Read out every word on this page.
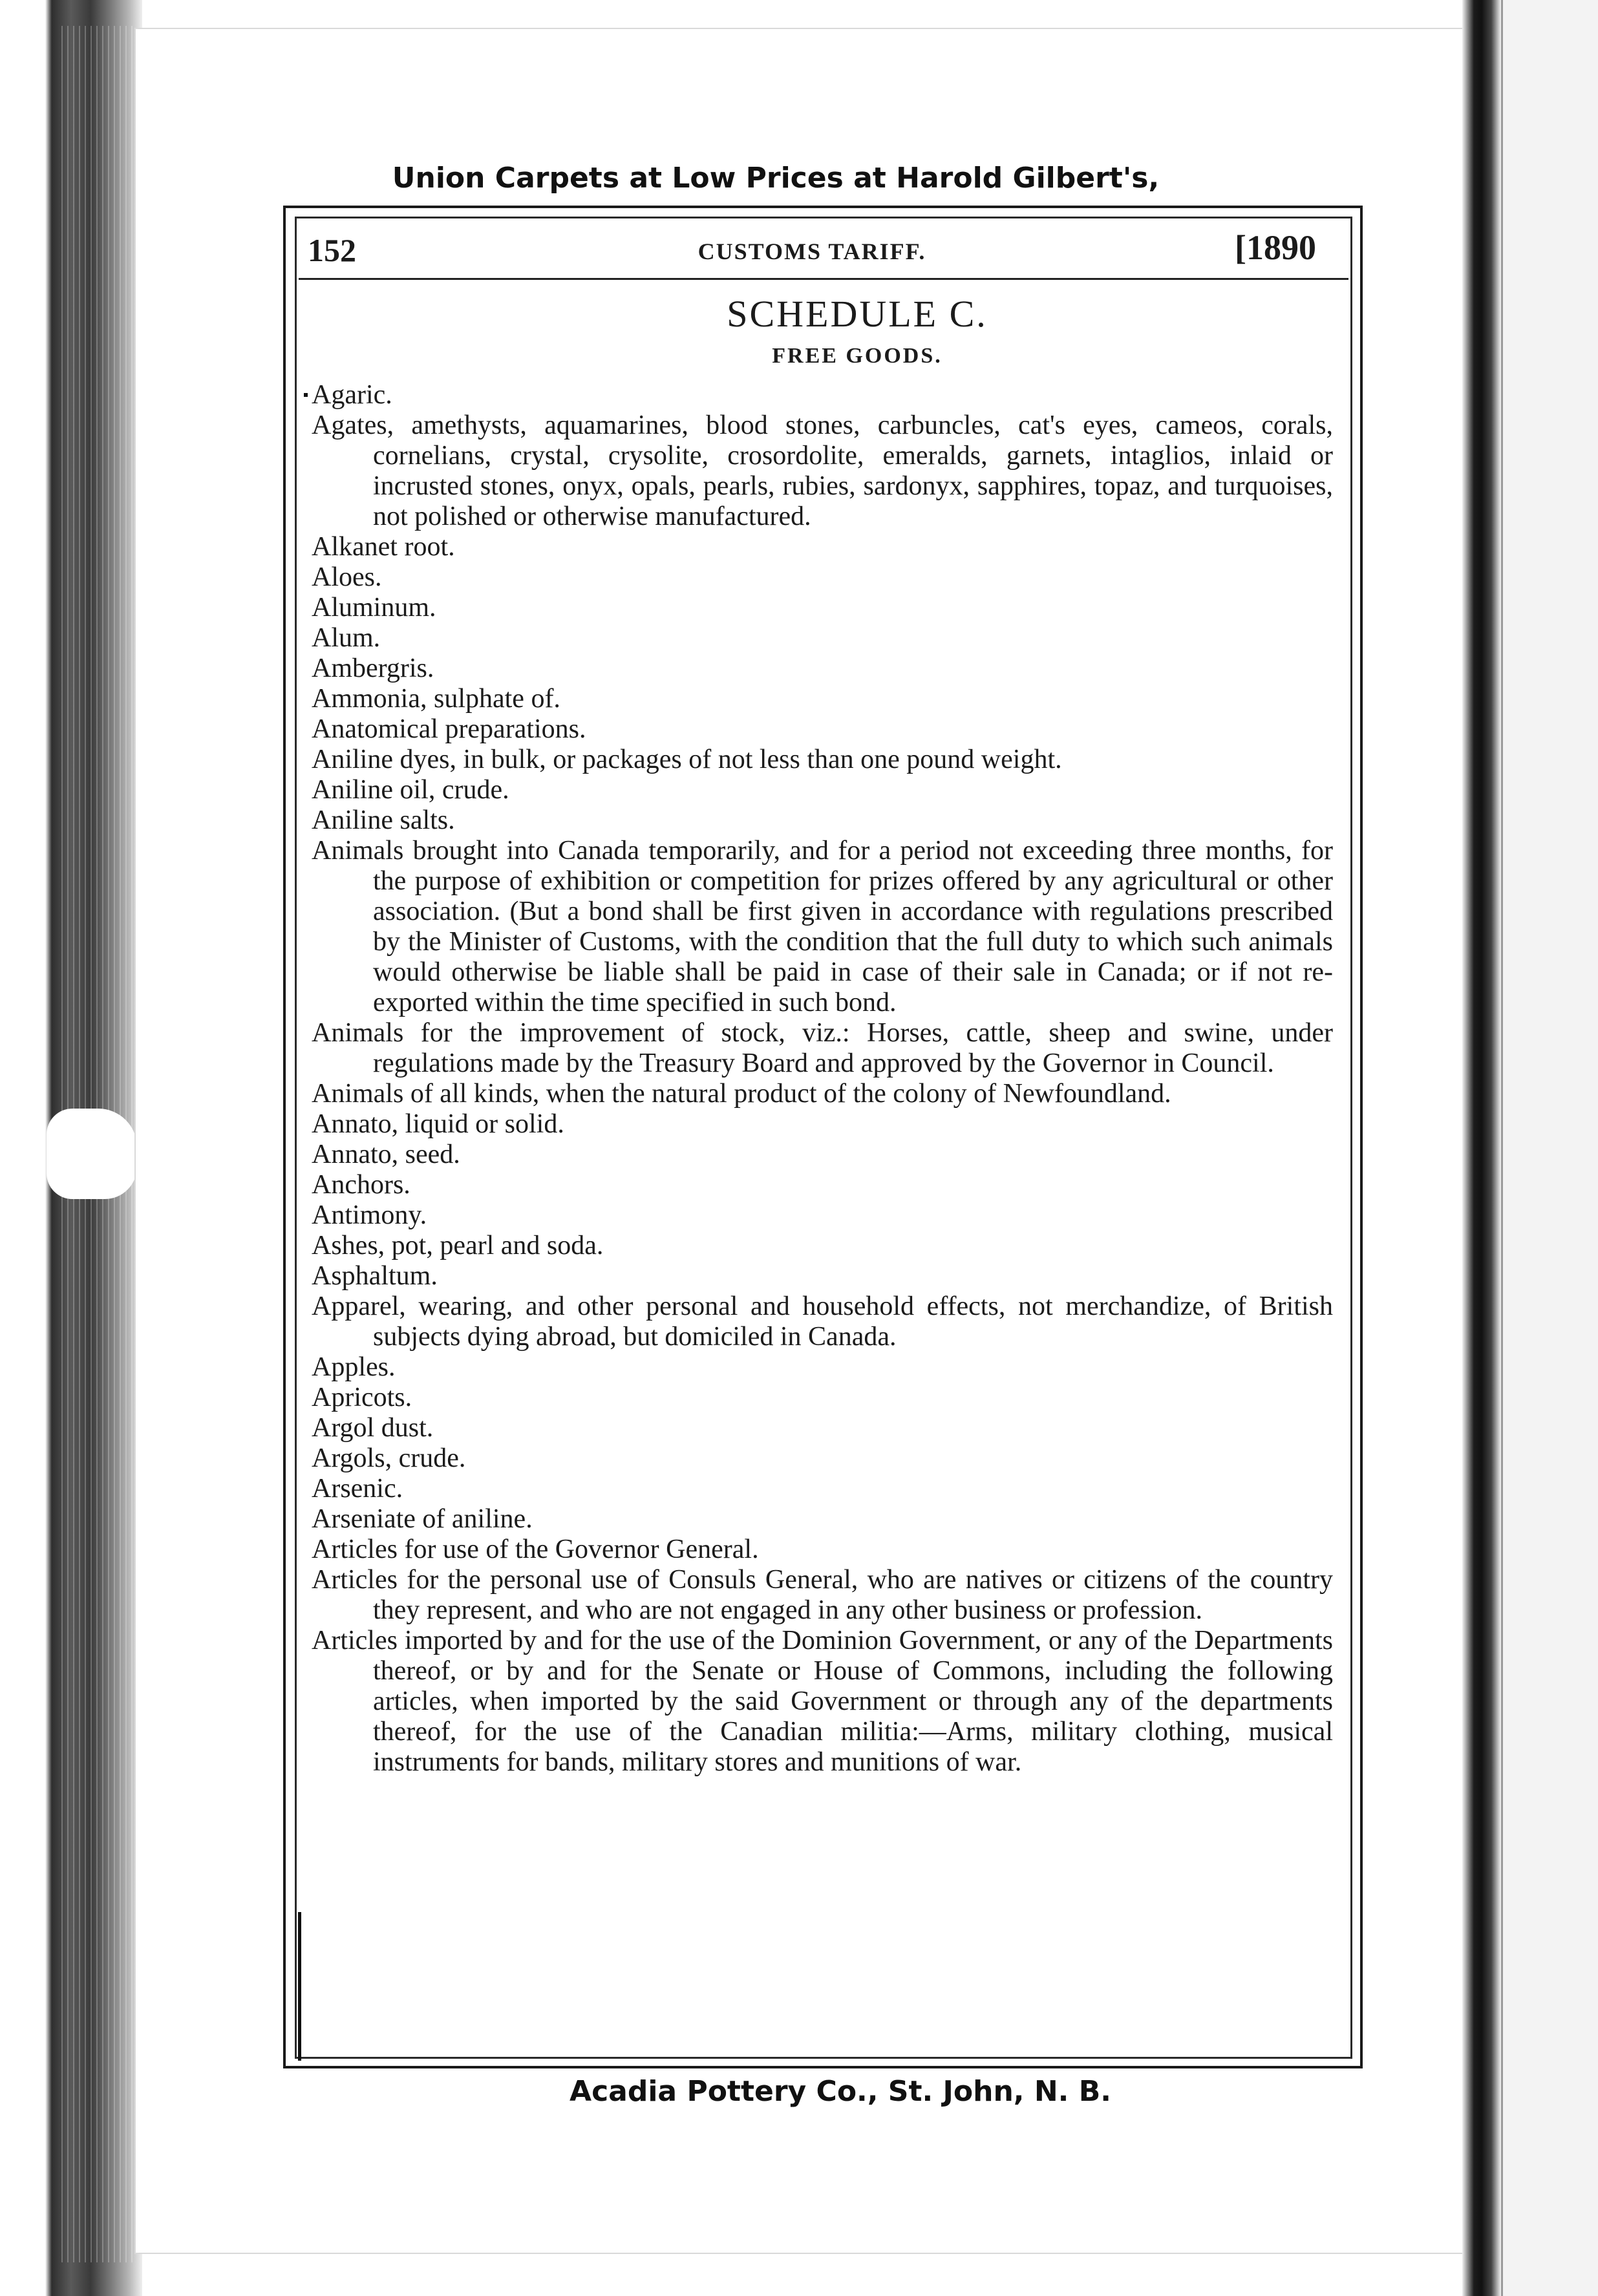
Union Carpets at Low Prices at Harold Gilbert's,
152	CUSTOMS TARIFF.	[1890
SCHEDULE C.
FREE GOODS.
Agaric.
Agates, amethysts, aquamarines, blood stones, carbuncles, cat's eyes, cameos, corals, cornelians, crystal, crysolite, crosordolite, emeralds, garnets, intaglios, inlaid or incrusted stones, onyx, opals, pearls, rubies, sardonyx, sapphires, topaz, and turquoises, not polished or otherwise manufactured.
Alkanet root.
Aloes.
Aluminum.
Alum.
Ambergris.
Ammonia, sulphate of.
Anatomical preparations.
Aniline dyes, in bulk, or packages of not less than one pound weight.
Aniline oil, crude.
Aniline salts.
Animals brought into Canada temporarily, and for a period not exceeding three months, for the purpose of exhibition or competition for prizes offered by any agricultural or other association. (But a bond shall be first given in accordance with regulations prescribed by the Minister of Customs, with the condition that the full duty to which such animals would otherwise be liable shall be paid in case of their sale in Canada; or if not re-exported within the time specified in such bond.
Animals for the improvement of stock, viz.: Horses, cattle, sheep and swine, under regulations made by the Treasury Board and approved by the Governor in Council.
Animals of all kinds, when the natural product of the colony of Newfoundland.
Annato, liquid or solid.
Annato, seed.
Anchors.
Antimony.
Ashes, pot, pearl and soda.
Asphaltum.
Apparel, wearing, and other personal and household effects, not merchandize, of British subjects dying abroad, but domiciled in Canada.
Apples.
Apricots.
Argol dust.
Argols, crude.
Arsenic.
Arseniate of aniline.
Articles for use of the Governor General.
Articles for the personal use of Consuls General, who are natives or citizens of the country they represent, and who are not engaged in any other business or profession.
Articles imported by and for the use of the Dominion Government, or any of the Departments thereof, or by and for the Senate or House of Commons, including the following articles, when imported by the said Government or through any of the departments thereof, for the use of the Canadian militia:—Arms, military clothing, musical instruments for bands, military stores and munitions of war.
Acadia Pottery Co., St. John, N. B.
